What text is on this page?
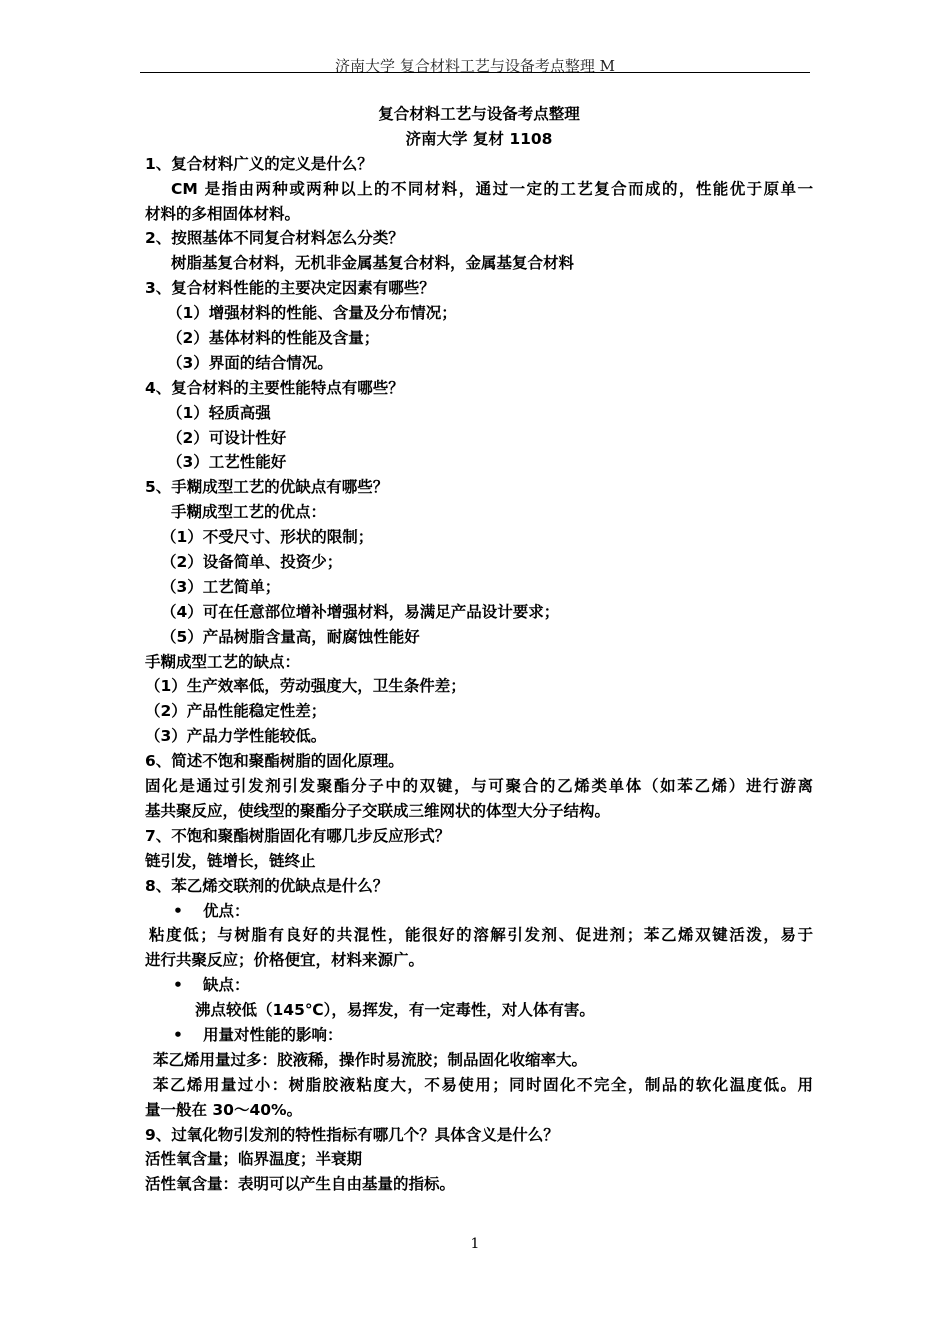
济南大学 复合材料工艺与设备考点整理 M
复合材料工艺与设备考点整理
济南大学 复材 1108
1、复合材料广义的定义是什么？
CM 是指由两种或两种以上的不同材料，通过一定的工艺复合而成的，性能优于原单一
材料的多相固体材料。
2、按照基体不同复合材料怎么分类？
树脂基复合材料，无机非金属基复合材料，金属基复合材料
3、复合材料性能的主要决定因素有哪些？
（1）增强材料的性能、含量及分布情况；
（2）基体材料的性能及含量；
（3）界面的结合情况。
4、复合材料的主要性能特点有哪些？
（1）轻质高强
（2）可设计性好
（3）工艺性能好
5、手糊成型工艺的优缺点有哪些？
手糊成型工艺的优点：
（1）不受尺寸、形状的限制；
（2）设备简单、投资少；
（3）工艺简单；
（4）可在任意部位增补增强材料，易满足产品设计要求；
（5）产品树脂含量高，耐腐蚀性能好
手糊成型工艺的缺点：
（1）生产效率低，劳动强度大，卫生条件差；
（2）产品性能稳定性差；
（3）产品力学性能较低。
6、简述不饱和聚酯树脂的固化原理。
固化是通过引发剂引发聚酯分子中的双键，与可聚合的乙烯类单体（如苯乙烯）进行游离
基共聚反应，使线型的聚酯分子交联成三维网状的体型大分子结构。
7、不饱和聚酯树脂固化有哪几步反应形式？
链引发，链增长，链终止
8、苯乙烯交联剂的优缺点是什么？
• 优点：
粘度低；与树脂有良好的共混性，能很好的溶解引发剂、促进剂；苯乙烯双键活泼，易于
进行共聚反应；价格便宜，材料来源广。
• 缺点：
沸点较低（145℃），易挥发，有一定毒性，对人体有害。
• 用量对性能的影响：
苯乙烯用量过多：胶液稀，操作时易流胶；制品固化收缩率大。
苯乙烯用量过小：树脂胶液粘度大，不易使用；同时固化不完全，制品的软化温度低。用
量一般在 30～40%。
9、过氧化物引发剂的特性指标有哪几个？具体含义是什么？
活性氧含量；临界温度；半衰期
活性氧含量：表明可以产生自由基量的指标。
1
